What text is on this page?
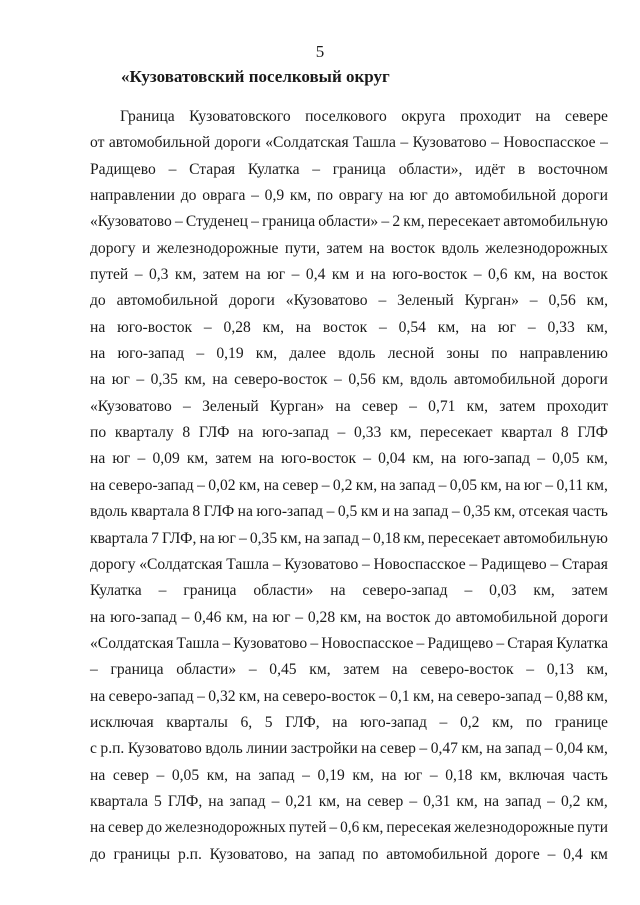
5
«Кузоватовский поселковый округ
Граница Кузоватовского поселкового округа проходит на севере
от автомобильной дороги «Солдатская Ташла – Кузоватово – Новоспасское –
Радищево – Старая Кулатка – граница области», идёт в восточном
направлении до оврага – 0,9 км, по оврагу на юг до автомобильной дороги
«Кузоватово – Студенец – граница области» – 2 км, пересекает автомобильную
дорогу и железнодорожные пути, затем на восток вдоль железнодорожных
путей – 0,3 км, затем на юг – 0,4 км и на юго-восток – 0,6 км, на восток
до автомобильной дороги «Кузоватово – Зеленый Курган» – 0,56 км,
на юго-восток – 0,28 км, на восток – 0,54 км, на юг – 0,33 км,
на юго-запад – 0,19 км, далее вдоль лесной зоны по направлению
на юг – 0,35 км, на северо-восток – 0,56 км, вдоль автомобильной дороги
«Кузоватово – Зеленый Курган» на север – 0,71 км, затем проходит
по кварталу 8 ГЛФ на юго-запад – 0,33 км, пересекает квартал 8 ГЛФ
на юг – 0,09 км, затем на юго-восток – 0,04 км, на юго-запад – 0,05 км,
на северо-запад – 0,02 км, на север – 0,2 км, на запад – 0,05 км, на юг – 0,11 км,
вдоль квартала 8 ГЛФ на юго-запад – 0,5 км и на запад – 0,35 км, отсекая часть
квартала 7 ГЛФ, на юг – 0,35 км, на запад – 0,18 км, пересекает автомобильную
дорогу «Солдатская Ташла – Кузоватово – Новоспасское – Радищево – Старая
Кулатка – граница области» на северо-запад – 0,03 км, затем
на юго-запад – 0,46 км, на юг – 0,28 км, на восток до автомобильной дороги
«Солдатская Ташла – Кузоватово – Новоспасское – Радищево – Старая Кулатка
– граница области» – 0,45 км, затем на северо-восток – 0,13 км,
на северо-запад – 0,32 км, на северо-восток – 0,1 км, на северо-запад – 0,88 км,
исключая кварталы 6, 5 ГЛФ, на юго-запад – 0,2 км, по границе
с р.п. Кузоватово вдоль линии застройки на север – 0,47 км, на запад – 0,04 км,
на север – 0,05 км, на запад – 0,19 км, на юг – 0,18 км, включая часть
квартала 5 ГЛФ, на запад – 0,21 км, на север – 0,31 км, на запад – 0,2 км,
на север до железнодорожных путей – 0,6 км, пересекая железнодорожные пути
до границы р.п. Кузоватово, на запад по автомобильной дороге – 0,4 км
